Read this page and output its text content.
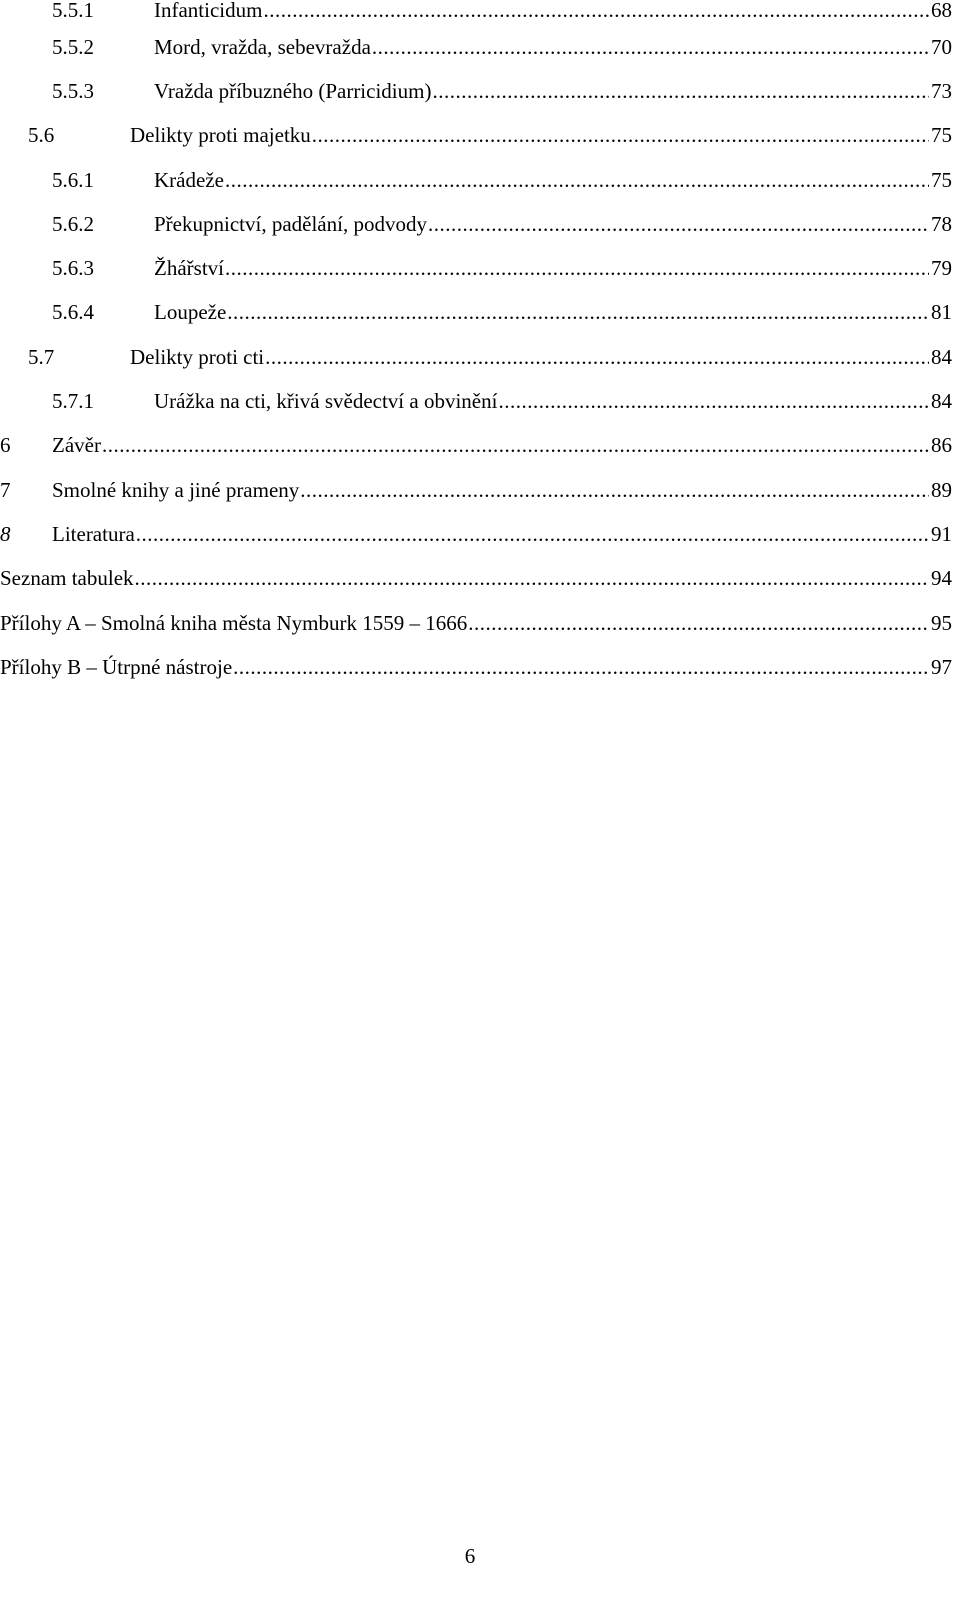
5.5.1	Infanticidum .....	68
5.5.2	Mord, vražda, sebevražda .....	70
5.5.3	Vražda příbuzného (Parricidium) .....	73
5.6	Delikty proti majetku .....	75
5.6.1	Krádeže .....	75
5.6.2	Překupnictví, padělání, podvody .....	78
5.6.3	Žhářství .....	79
5.6.4	Loupeže .....	81
5.7	Delikty proti cti .....	84
5.7.1	Urážka na cti, křivá svědectví a obvinění .....	84
6	Závěr .....	86
7	Smolné knihy a jiné prameny .....	89
8	Literatura .....	91
Seznam tabulek .....	94
Přílohy A – Smolná kniha města Nymburk 1559 – 1666 .....	95
Přílohy B – Útrpné nástroje .....	97
6
